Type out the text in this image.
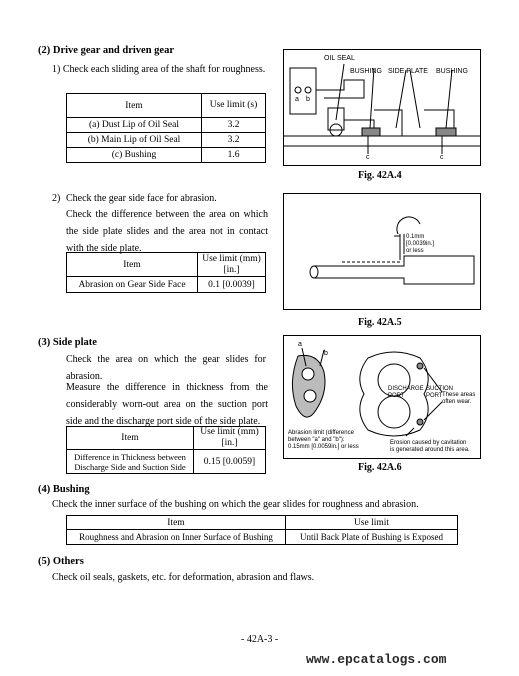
(2) Drive gear and driven gear
1) Check each sliding area of the shaft for roughness.
Item	Use limit (s)
(a) Dust Lip of Oil Seal	3.2
(b) Main Lip of Oil Seal	3.2
(c) Bushing	1.6
2) Check the gear side face for abrasion.
Check the difference between the area on which the side plate slides and the area not in contact with the side plate.
Item	Use limit (mm) [in.]
Abrasion on Gear Side Face	0.1 [0.0039]
OIL SEAL
BUSHING SIDE PLATE BUSHING
a b
c	c
Fig. 42A.4
0.1mm
[0.0039in.]
or less
Fig. 42A.5
(3) Side plate
Check the area on which the gear slides for abrasion.
Measure the difference in thickness from the considerably worn-out area on the suction port side and the discharge port side of the side plate.
Item	Use limit (mm) [in.]
Difference in Thickness between Discharge Side and Suction Side	0.15 [0.0059]
a
b
DISCHARGE
PORT
SUCTION
PORT These areas
often wear.
Abrasion limit (difference
between "a" and "b"):
0.15mm [0.0059in.] or less
Erosion caused by cavitation
is generated around this area.
Fig. 42A.6
(4) Bushing
Check the inner surface of the bushing on which the gear slides for roughness and abrasion.
Item	Use limit
Roughness and Abrasion on Inner Surface of Bushing	Until Back Plate of Bushing is Exposed
(5) Others
Check oil seals, gaskets, etc. for deformation, abrasion and flaws.
- 42A-3 -
www.epcatalogs.com
